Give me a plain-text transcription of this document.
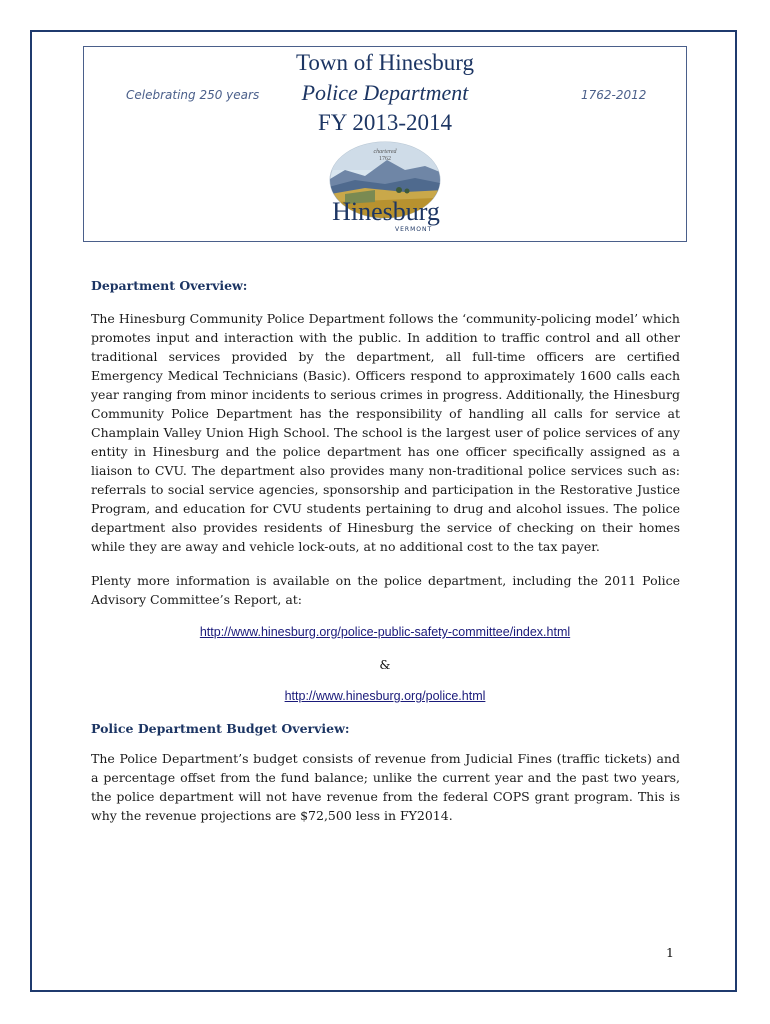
Town of Hinesburg
Celebrating 250 years	Police Department	1762-2012
FY 2013-2014
chartered
1762
Hinesburg
VERMONT
Department Overview:

The Hinesburg Community Police Department follows the ‘community-policing model’ which promotes input and interaction with the public. In addition to traffic control and all other traditional services provided by the department, all full-time officers are certified Emergency Medical Technicians (Basic). Officers respond to approximately 1600 calls each year ranging from minor incidents to serious crimes in progress. Additionally, the Hinesburg Community Police Department has the responsibility of handling all calls for service at Champlain Valley Union High School. The school is the largest user of police services of any entity in Hinesburg and the police department has one officer specifically assigned as a liaison to CVU. The department also provides many non-traditional police services such as: referrals to social service agencies, sponsorship and participation in the Restorative Justice Program, and education for CVU students pertaining to drug and alcohol issues. The police department also provides residents of Hinesburg the service of checking on their homes while they are away and vehicle lock-outs, at no additional cost to the tax payer.

Plenty more information is available on the police department, including the 2011 Police Advisory Committee’s Report, at:

http://www.hinesburg.org/police-public-safety-committee/index.html
&
http://www.hinesburg.org/police.html
Police Department Budget Overview:

The Police Department’s budget consists of revenue from Judicial Fines (traffic tickets) and a percentage offset from the fund balance; unlike the current year and the past two years, the police department will not have revenue from the federal COPS grant program. This is why the revenue projections are $72,500 less in FY2014.

1
